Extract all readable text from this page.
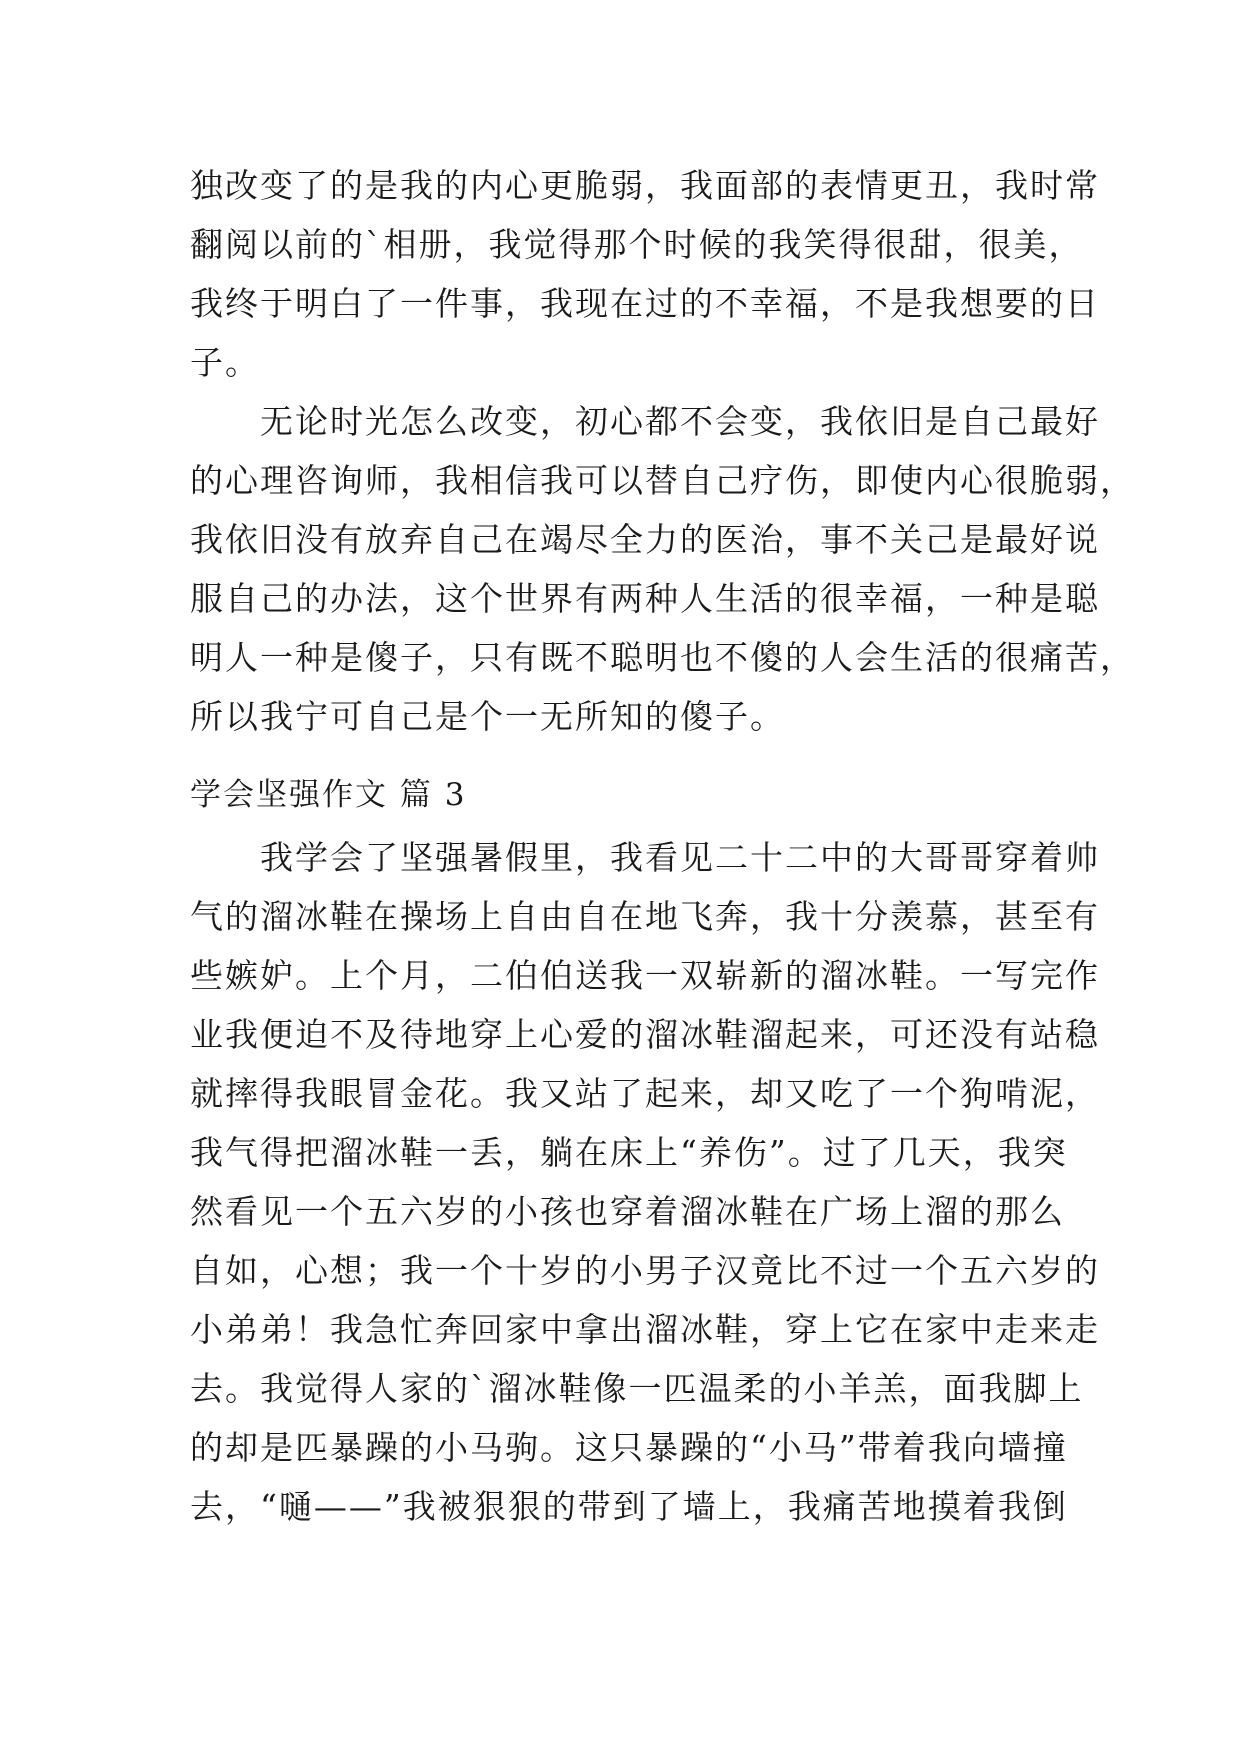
独改变了的是我的内心更脆弱，我面部的表情更丑，我时常
翻阅以前的`相册，我觉得那个时候的我笑得很甜，很美，
我终于明白了一件事，我现在过的不幸福，不是我想要的日
子。
　　无论时光怎么改变，初心都不会变，我依旧是自己最好
的心理咨询师，我相信我可以替自己疗伤，即使内心很脆弱，
我依旧没有放弃自己在竭尽全力的医治，事不关己是最好说
服自己的办法，这个世界有两种人生活的很幸福，一种是聪
明人一种是傻子，只有既不聪明也不傻的人会生活的很痛苦，
所以我宁可自己是个一无所知的傻子。
学会坚强作文 篇 3
　　我学会了坚强暑假里，我看见二十二中的大哥哥穿着帅
气的溜冰鞋在操场上自由自在地飞奔，我十分羡慕，甚至有
些嫉妒。上个月，二伯伯送我一双崭新的溜冰鞋。一写完作
业我便迫不及待地穿上心爱的溜冰鞋溜起来，可还没有站稳
就摔得我眼冒金花。我又站了起来，却又吃了一个狗啃泥，
我气得把溜冰鞋一丢，躺在床上“养伤”。过了几天，我突
然看见一个五六岁的小孩也穿着溜冰鞋在广场上溜的那么
自如，心想；我一个十岁的小男子汉竟比不过一个五六岁的
小弟弟！我急忙奔回家中拿出溜冰鞋，穿上它在家中走来走
去。我觉得人家的`溜冰鞋像一匹温柔的小羊羔，面我脚上
的却是匹暴躁的小马驹。这只暴躁的“小马”带着我向墙撞
去，“嗵——”我被狠狠的带到了墙上，我痛苦地摸着我倒
